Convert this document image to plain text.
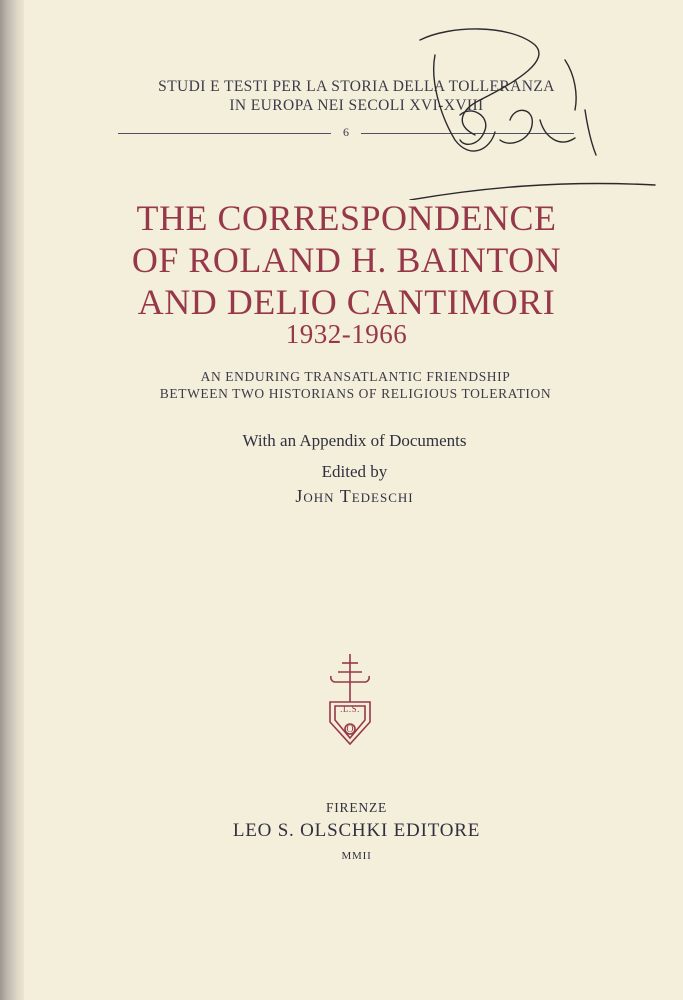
STUDI E TESTI PER LA STORIA DELLA TOLLERANZA
IN EUROPA NEI SECOLI XVI-XVIII
6
THE CORRESPONDENCE
OF ROLAND H. BAINTON
AND DELIO CANTIMORI
1932-1966
AN ENDURING TRANSATLANTIC FRIENDSHIP
BETWEEN TWO HISTORIANS OF RELIGIOUS TOLERATION
With an Appendix of Documents
Edited by
John Tedeschi
.L.S.
O
FIRENZE
LEO S. OLSCHKI EDITORE
MMII
